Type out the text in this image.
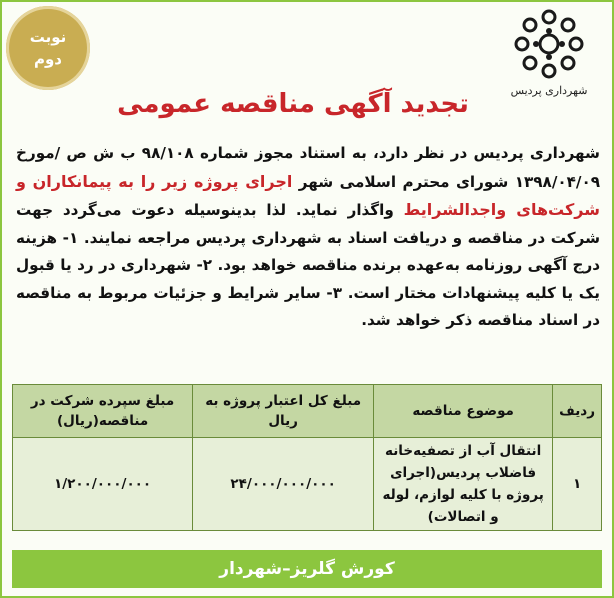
نوبت
دوم
شهرداری پردیس
تجدید آگهی مناقصه عمومی
شهرداری پردیس در نظر دارد، به استناد مجوز شماره ۹۸/۱۰۸ ب ش ص /مورخ ۱۳۹۸/۰۴/۰۹ شورای محترم اسلامی شهر اجرای پروژه زیر را به پیمانکاران و شرکت‌های واجدالشرایط واگذار نماید. لذا بدینوسیله دعوت می‌گردد جهت شرکت در مناقصه و دریافت اسناد به شهرداری پردیس مراجعه نمایند. ۱- هزینه درج آگهی روزنامه به‌عهده برنده مناقصه خواهد بود. ۲- شهرداری در رد یا قبول یک یا کلیه پیشنهادات مختار است. ۳- سایر شرایط و جزئیات مربوط به مناقصه در اسناد مناقصه ذکر خواهد شد.
ردیف	موضوع مناقصه	مبلغ کل اعتبار پروژه به ریال	مبلغ سپرده شرکت در مناقصه(ریال)
۱	انتقال آب از تصفیه‌خانه فاضلاب پردیس(اجرای پروژه با کلیه لوازم، لوله و اتصالات)	۲۴/۰۰۰/۰۰۰/۰۰۰	۱/۲۰۰/۰۰۰/۰۰۰
کورش گلریز–شهردار
